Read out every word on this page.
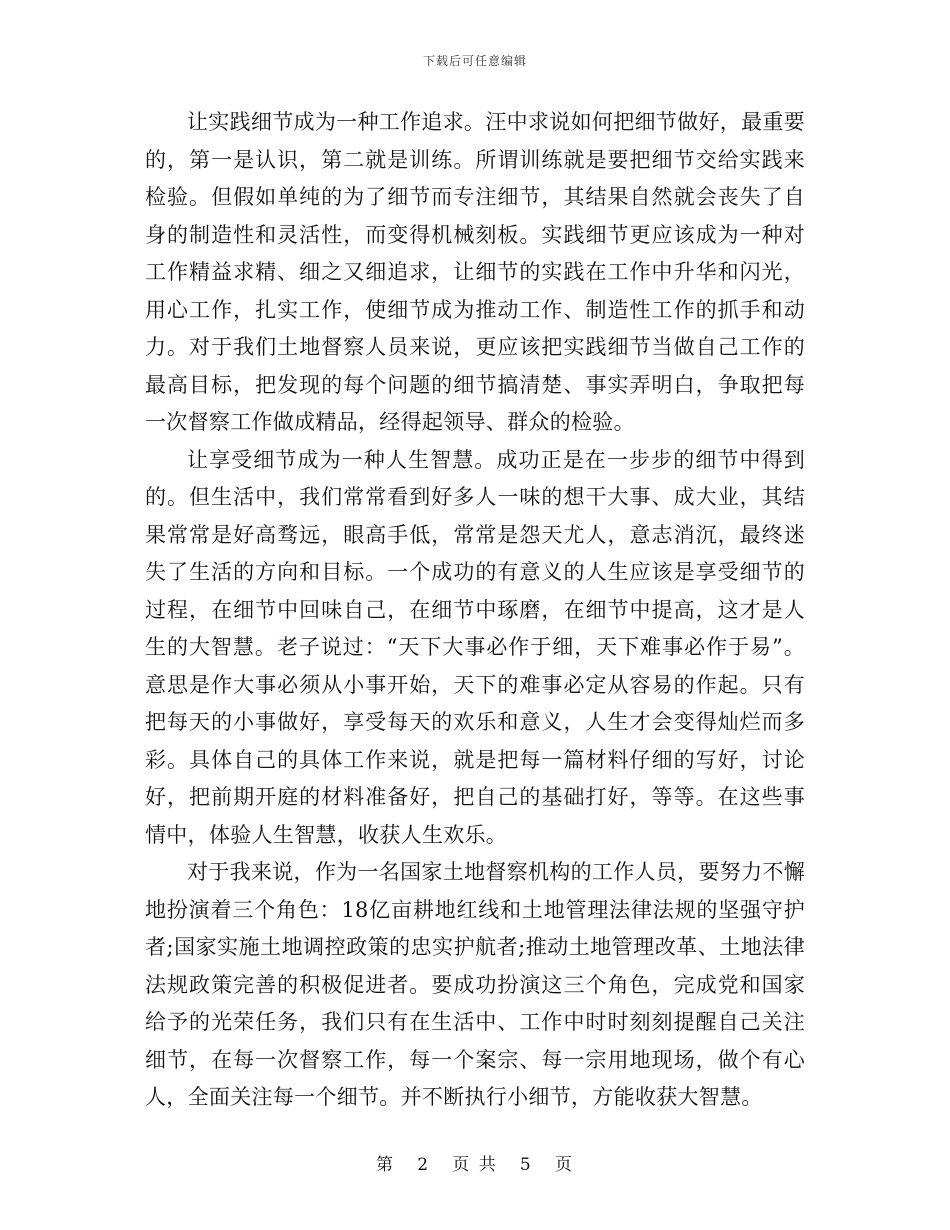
下载后可任意编辑

让实践细节成为一种工作追求。汪中求说如何把细节做好，最重要的，第一是认识，第二就是训练。所谓训练就是要把细节交给实践来检验。但假如单纯的为了细节而专注细节，其结果自然就会丧失了自身的制造性和灵活性，而变得机械刻板。实践细节更应该成为一种对工作精益求精、细之又细追求，让细节的实践在工作中升华和闪光，用心工作，扎实工作，使细节成为推动工作、制造性工作的抓手和动力。对于我们土地督察人员来说，更应该把实践细节当做自己工作的最高目标，把发现的每个问题的细节搞清楚、事实弄明白，争取把每一次督察工作做成精品，经得起领导、群众的检验。

让享受细节成为一种人生智慧。成功正是在一步步的细节中得到的。但生活中，我们常常看到好多人一味的想干大事、成大业，其结果常常是好高骛远，眼高手低，常常是怨天尤人，意志消沉，最终迷失了生活的方向和目标。一个成功的有意义的人生应该是享受细节的过程，在细节中回味自己，在细节中琢磨，在细节中提高，这才是人生的大智慧。老子说过：“天下大事必作于细，天下难事必作于易”。意思是作大事必须从小事开始，天下的难事必定从容易的作起。只有把每天的小事做好，享受每天的欢乐和意义，人生才会变得灿烂而多彩。具体自己的具体工作来说，就是把每一篇材料仔细的写好，讨论好，把前期开庭的材料准备好，把自己的基础打好，等等。在这些事情中，体验人生智慧，收获人生欢乐。

对于我来说，作为一名国家土地督察机构的工作人员，要努力不懈地扮演着三个角色：18亿亩耕地红线和土地管理法律法规的坚强守护者;国家实施土地调控政策的忠实护航者;推动土地管理改革、土地法律法规政策完善的积极促进者。要成功扮演这三个角色，完成党和国家给予的光荣任务，我们只有在生活中、工作中时时刻刻提醒自己关注细节，在每一次督察工作，每一个案宗、每一宗用地现场，做个有心人，全面关注每一个细节。并不断执行小细节，方能收获大智慧。

第 2 页 共 5 页
